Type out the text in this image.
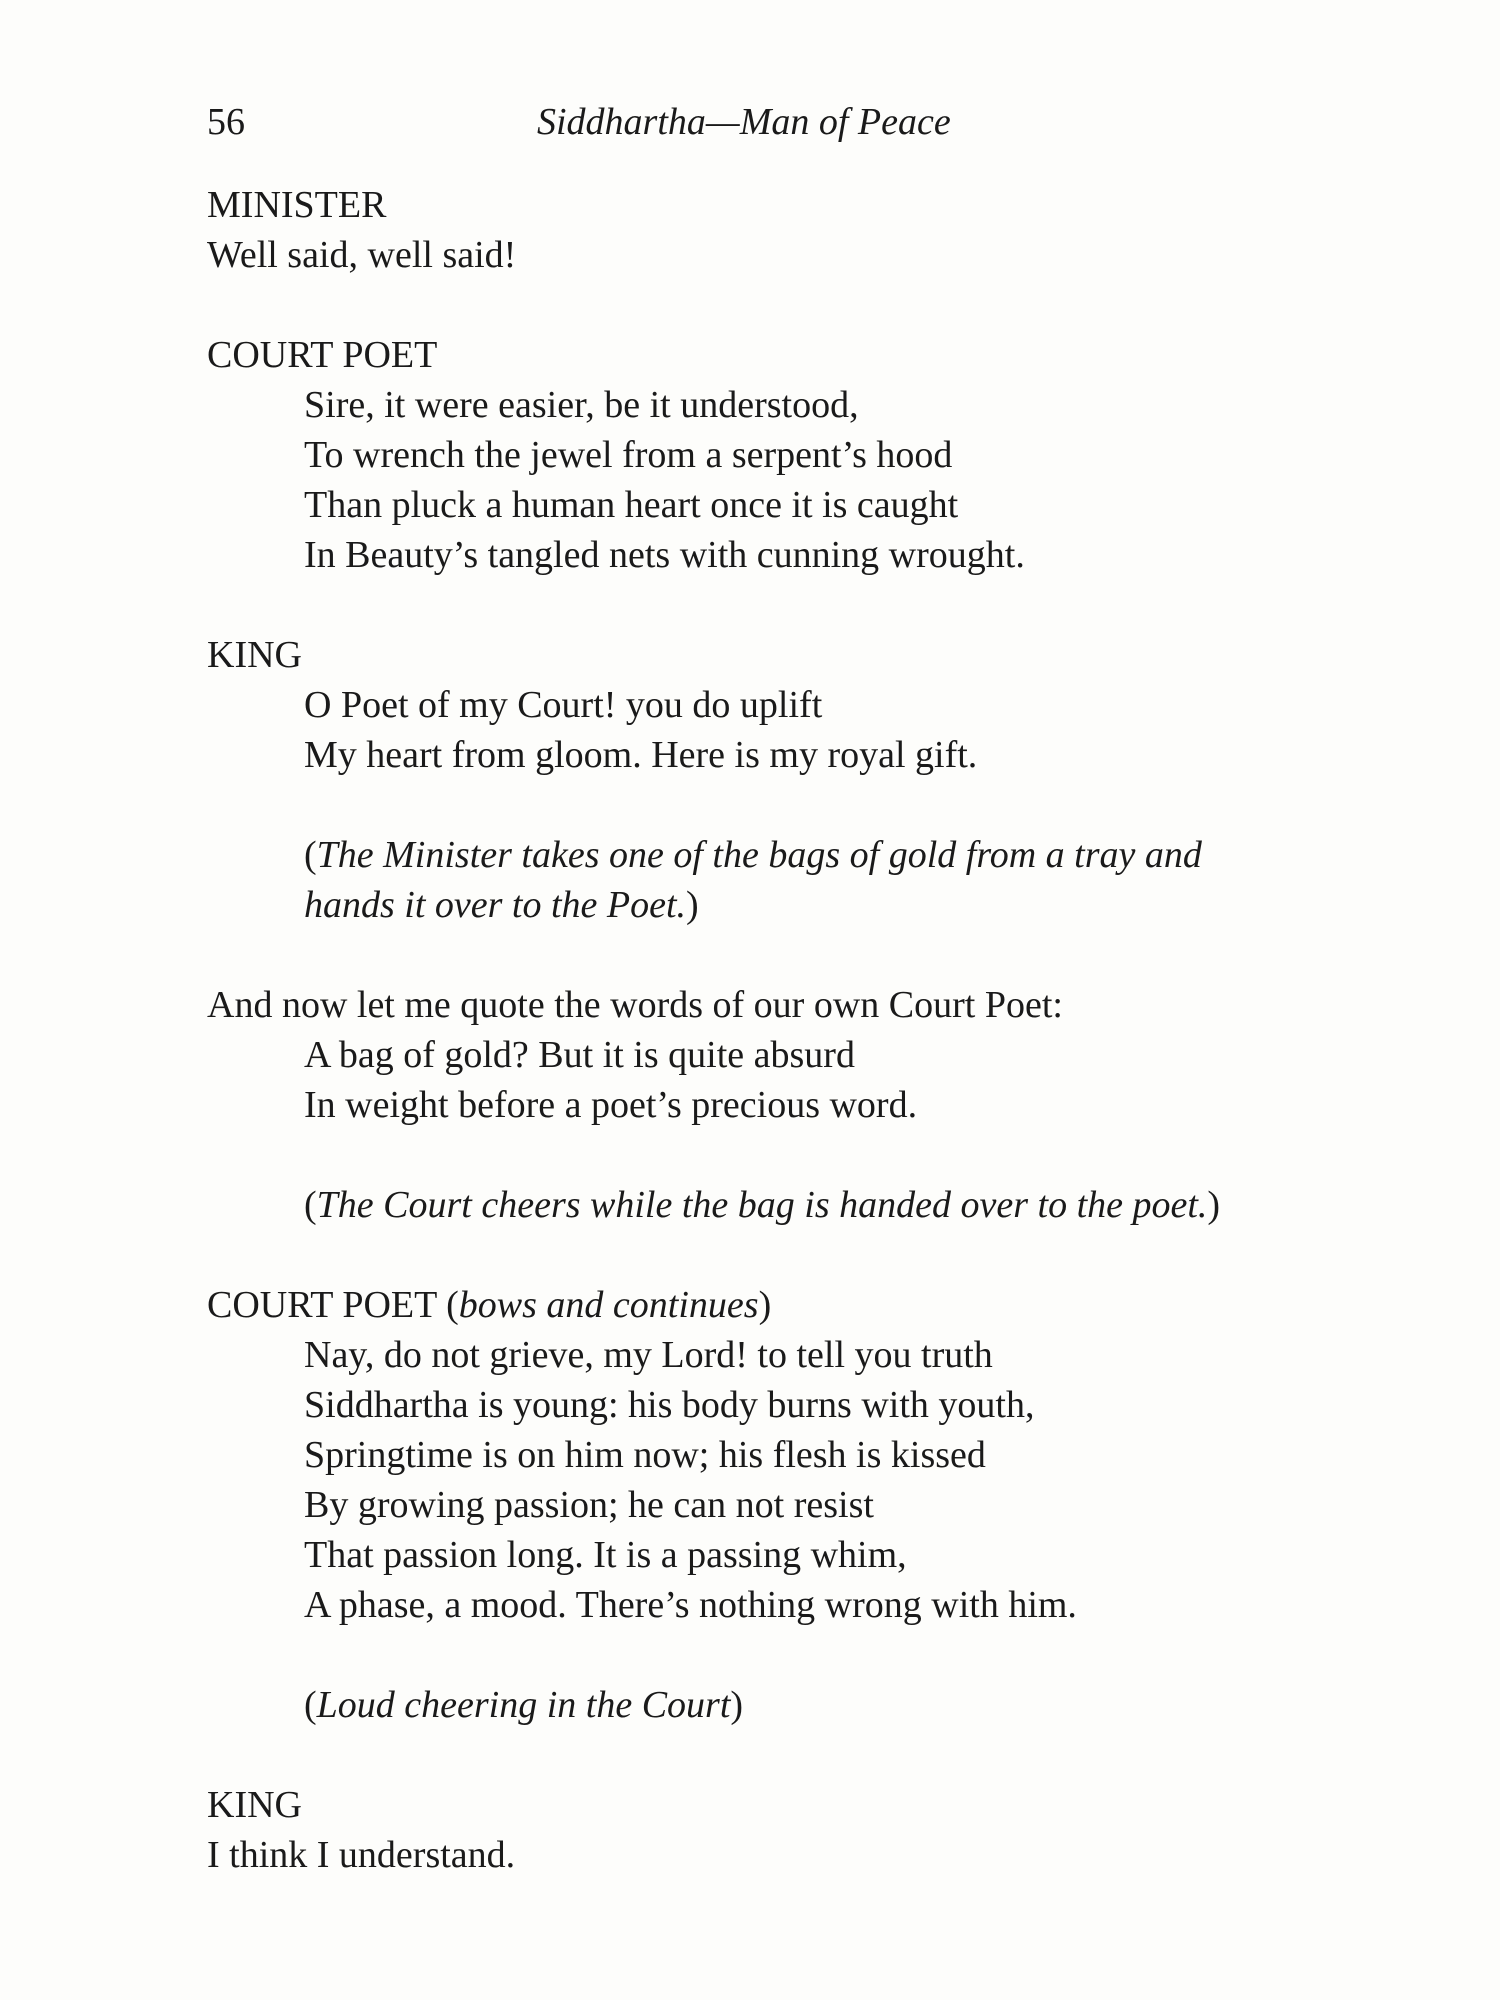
56	Siddhartha—Man of Peace

MINISTER

Well said, well said!

COURT POET

Sire, it were easier, be it understood,

To wrench the jewel from a serpent’s hood

Than pluck a human heart once it is caught

In Beauty’s tangled nets with cunning wrought.

KING

O Poet of my Court! you do uplift

My heart from gloom. Here is my royal gift.

(The Minister takes one of the bags of gold from a tray and

hands it over to the Poet.)

And now let me quote the words of our own Court Poet:

A bag of gold? But it is quite absurd

In weight before a poet’s precious word.

(The Court cheers while the bag is handed over to the poet.)

COURT POET (bows and continues)

Nay, do not grieve, my Lord! to tell you truth

Siddhartha is young: his body burns with youth,

Springtime is on him now; his flesh is kissed

By growing passion; he can not resist

That passion long. It is a passing whim,

A phase, a mood. There’s nothing wrong with him.

(Loud cheering in the Court)

KING

I think I understand.
